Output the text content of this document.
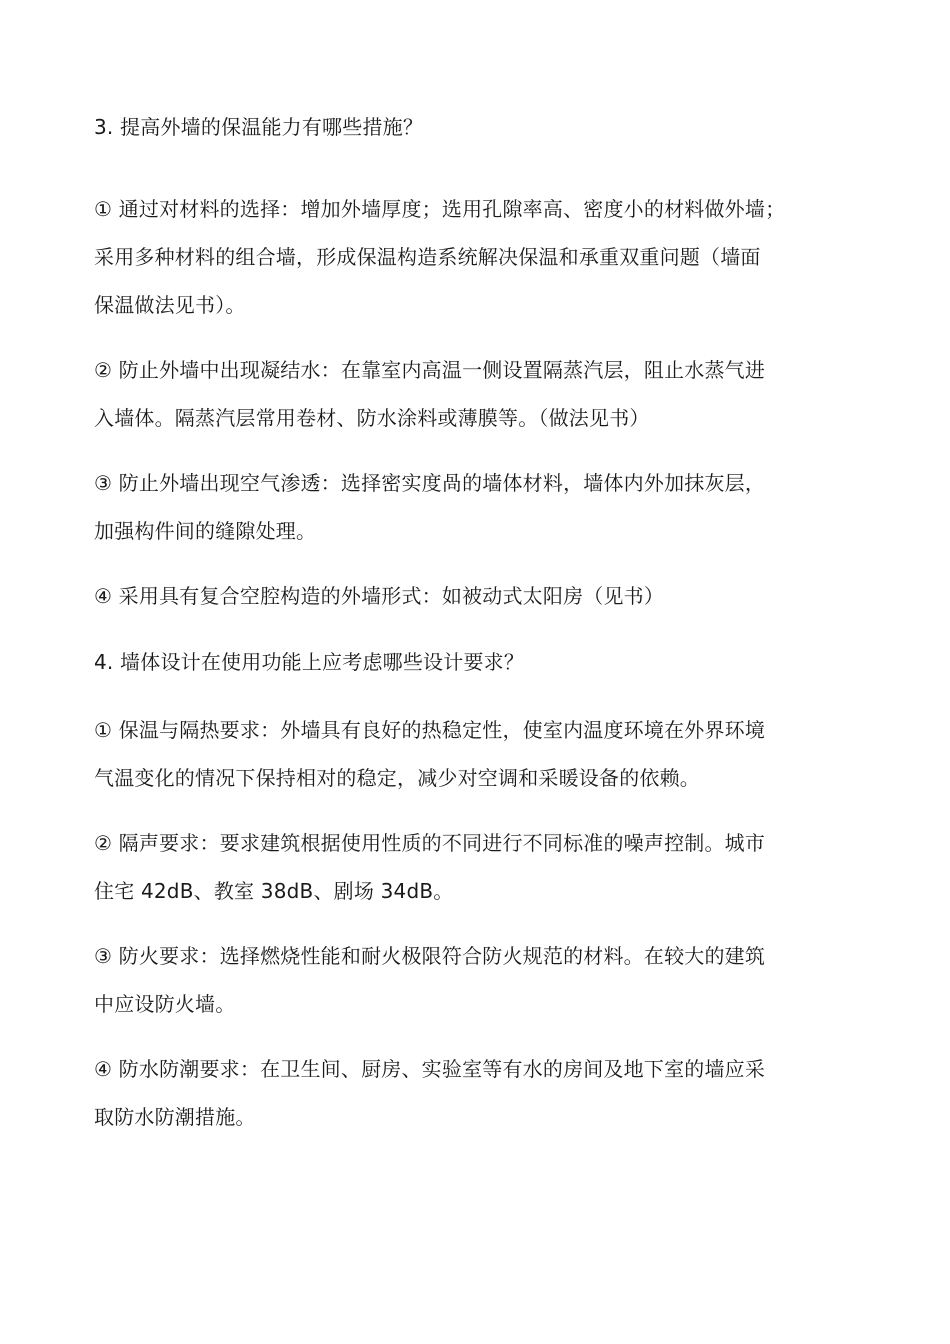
3. 提高外墙的保温能力有哪些措施？
① 通过对材料的选择：增加外墙厚度；选用孔隙率高、密度小的材料做外墙；
采用多种材料的组合墙，形成保温构造系统解决保温和承重双重问题（墙面
保温做法见书）。
② 防止外墙中出现凝结水：在靠室内高温一侧设置隔蒸汽层，阻止水蒸气进
入墙体。隔蒸汽层常用卷材、防水涂料或薄膜等。（做法见书）
③ 防止外墙出现空气渗透：选择密实度咼的墙体材料，墙体内外加抹灰层，
加强构件间的缝隙处理。
④ 采用具有复合空腔构造的外墙形式：如被动式太阳房（见书）
4. 墙体设计在使用功能上应考虑哪些设计要求？
① 保温与隔热要求：外墙具有良好的热稳定性，使室内温度环境在外界环境
气温变化的情况下保持相对的稳定，减少对空调和采暖设备的依赖。
② 隔声要求：要求建筑根据使用性质的不同进行不同标准的噪声控制。城市
住宅 42dB、教室 38dB、剧场 34dB。
③ 防火要求：选择燃烧性能和耐火极限符合防火规范的材料。在较大的建筑
中应设防火墙。
④ 防水防潮要求：在卫生间、厨房、实验室等有水的房间及地下室的墙应采
取防水防潮措施。
